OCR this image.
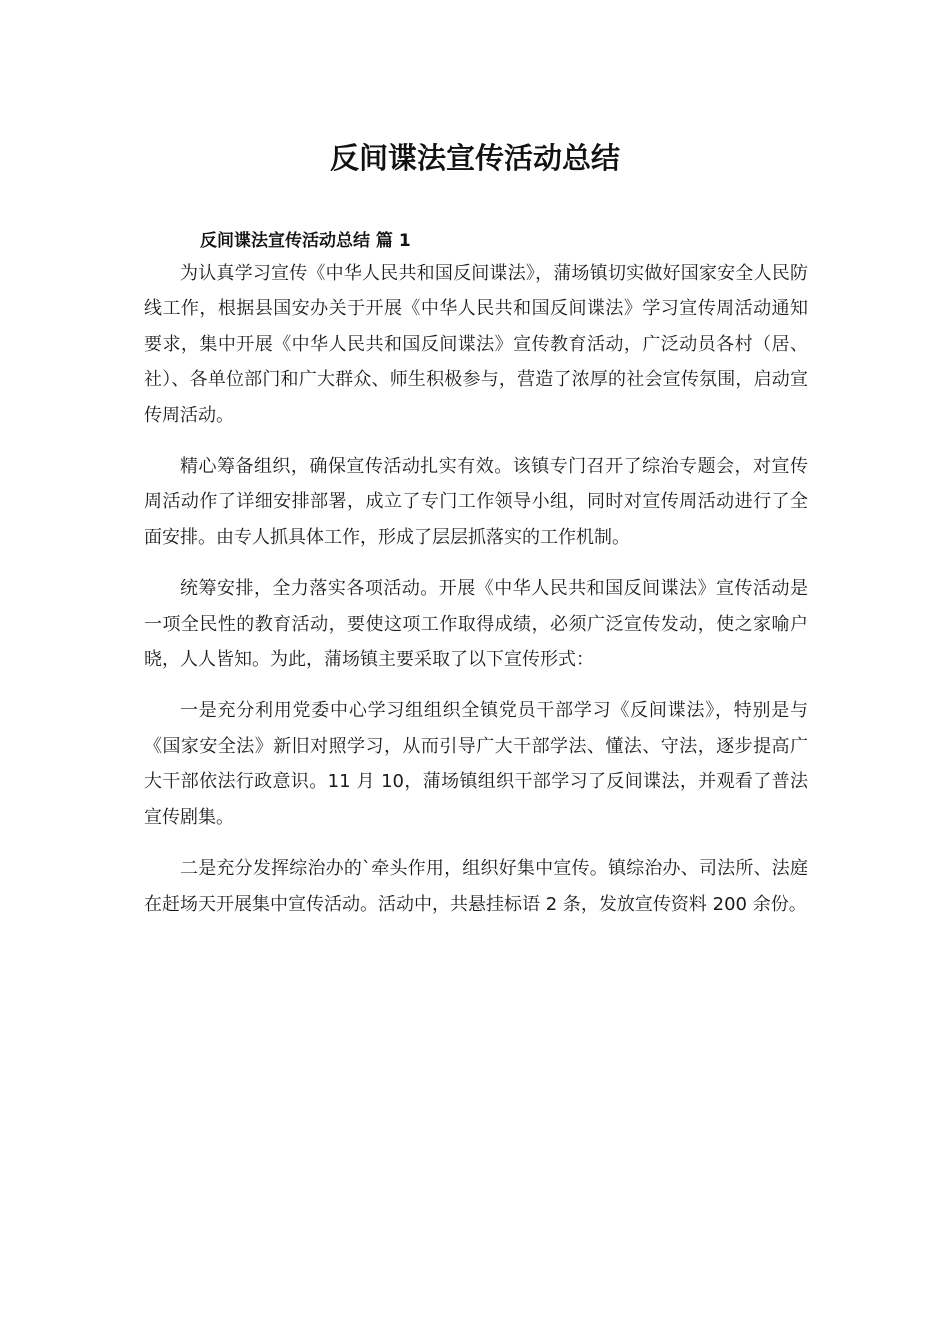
反间谍法宣传活动总结
反间谍法宣传活动总结 篇 1

为认真学习宣传《中华人民共和国反间谍法》，蒲场镇切实做好国家安全人民防线工作，根据县国安办关于开展《中华人民共和国反间谍法》学习宣传周活动通知要求，集中开展《中华人民共和国反间谍法》宣传教育活动，广泛动员各村（居、社）、各单位部门和广大群众、师生积极参与，营造了浓厚的社会宣传氛围，启动宣传周活动。

精心筹备组织，确保宣传活动扎实有效。该镇专门召开了综治专题会，对宣传周活动作了详细安排部署，成立了专门工作领导小组，同时对宣传周活动进行了全面安排。由专人抓具体工作，形成了层层抓落实的工作机制。

统筹安排，全力落实各项活动。开展《中华人民共和国反间谍法》宣传活动是一项全民性的教育活动，要使这项工作取得成绩，必须广泛宣传发动，使之家喻户晓，人人皆知。为此，蒲场镇主要采取了以下宣传形式：

一是充分利用党委中心学习组组织全镇党员干部学习《反间谍法》，特别是与《国家安全法》新旧对照学习，从而引导广大干部学法、懂法、守法，逐步提高广大干部依法行政意识。11 月 10，蒲场镇组织干部学习了反间谍法，并观看了普法宣传剧集。

二是充分发挥综治办的`牵头作用，组织好集中宣传。镇综治办、司法所、法庭在赶场天开展集中宣传活动。活动中，共悬挂标语 2 条，发放宣传资料 200 余份。
